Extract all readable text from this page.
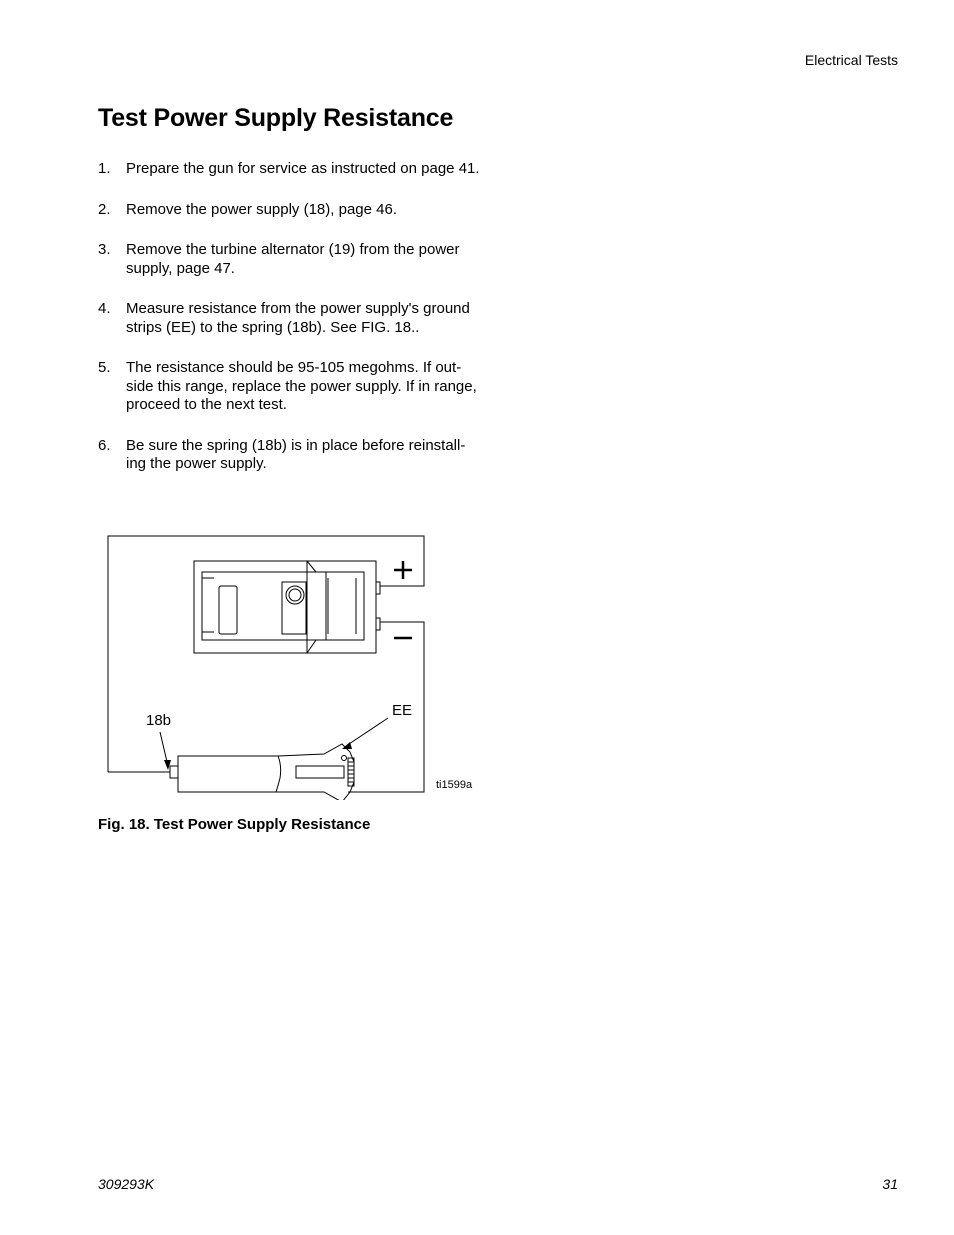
Electrical Tests
Test Power Supply Resistance
1. Prepare the gun for service as instructed on page 41.
2. Remove the power supply (18), page 46.
3. Remove the turbine alternator (19) from the power supply, page 47.
4. Measure resistance from the power supply's ground strips (EE) to the spring (18b). See FIG. 18..
5. The resistance should be 95-105 megohms. If out-side this range, replace the power supply. If in range, proceed to the next test.
6. Be sure the spring (18b) is in place before reinstall-ing the power supply.
18b
EE
ti1599a
Fig. 18. Test Power Supply Resistance
309293K	31
